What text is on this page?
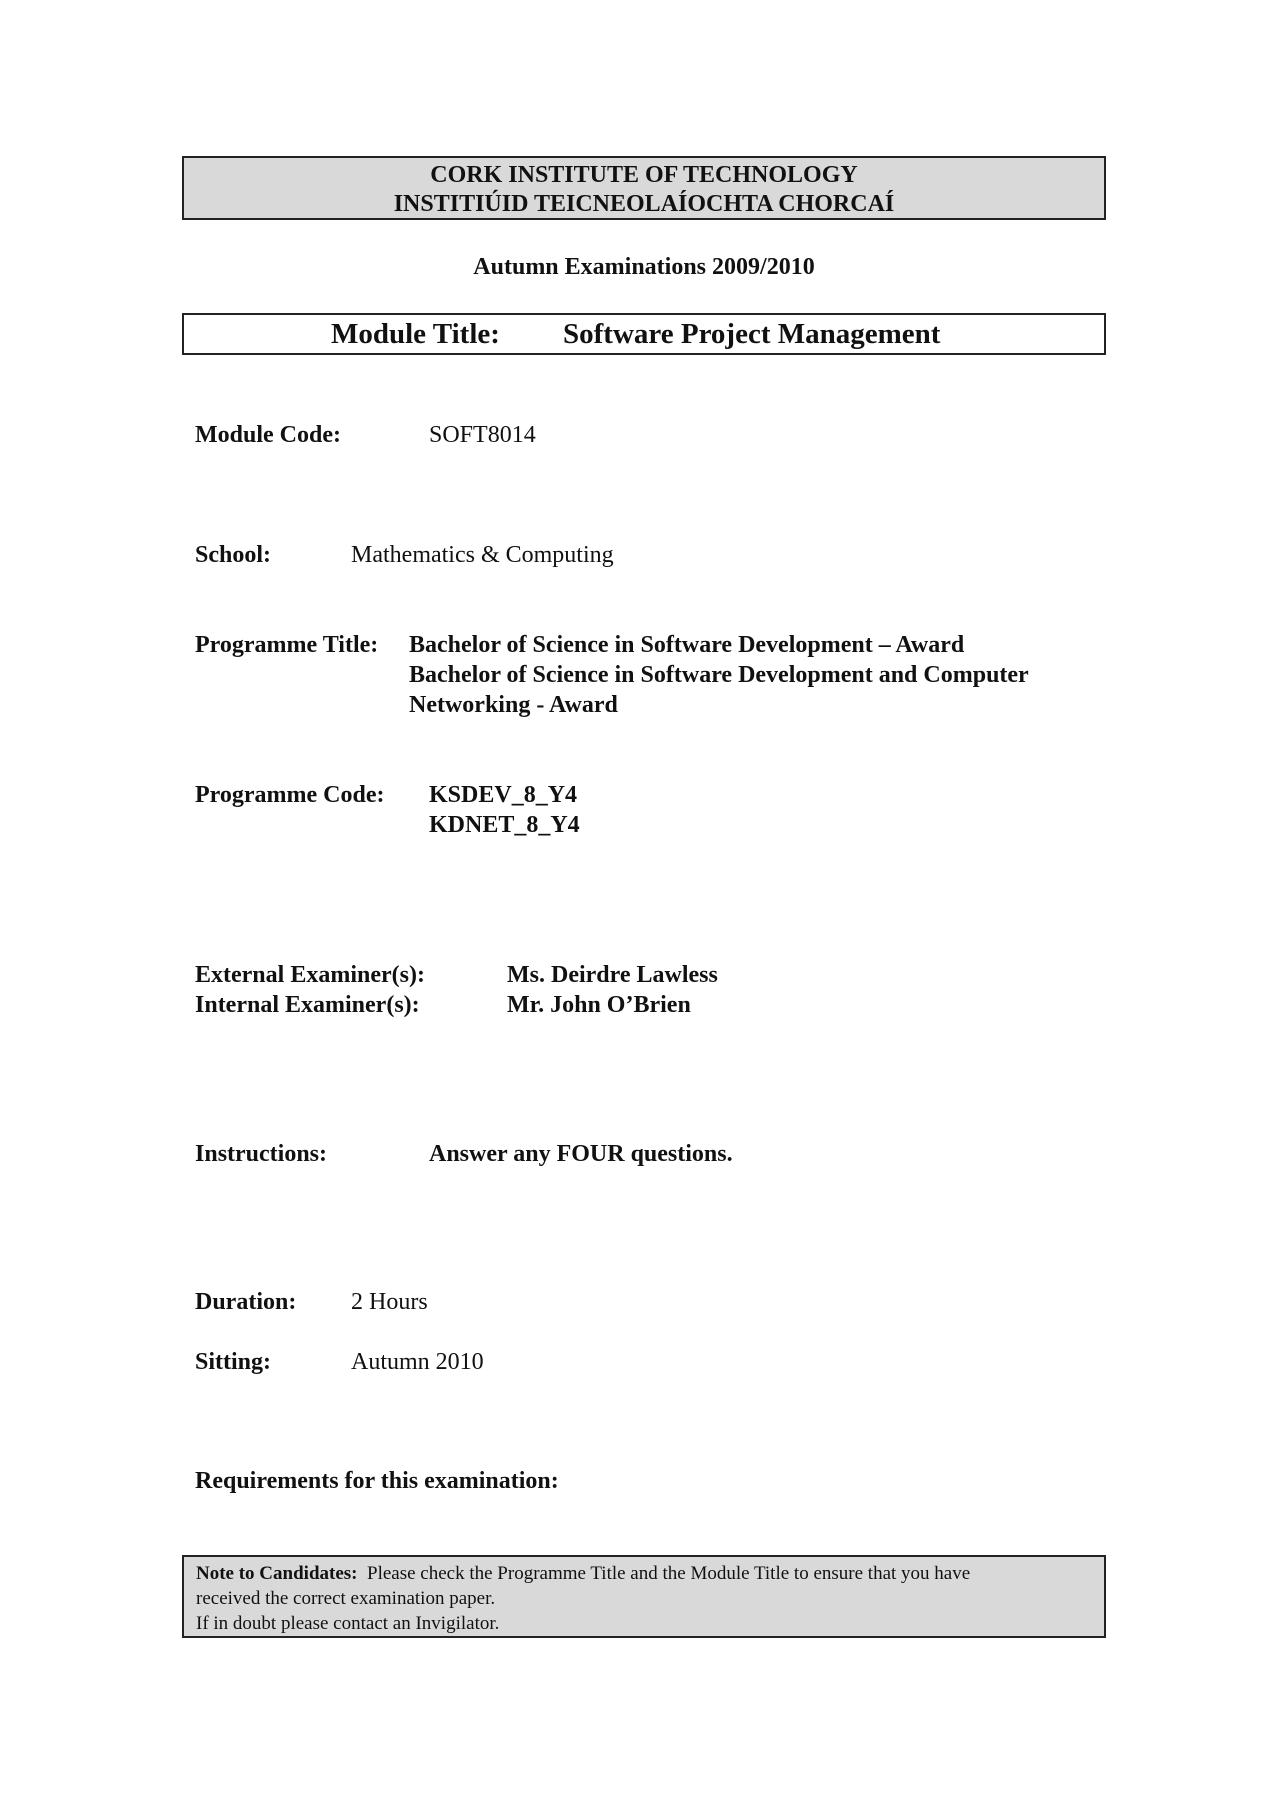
CORK INSTITUTE OF TECHNOLOGY
INSTITIÚID TEICNEOLAÍOCHTA CHORCAÍ
Autumn Examinations 2009/2010
Module Title: Software Project Management
Module Code:	SOFT8014
School:	Mathematics & Computing
Programme Title: Bachelor of Science in Software Development – Award
Bachelor of Science in Software Development and Computer
Networking - Award
Programme Code: KSDEV_8_Y4
KDNET_8_Y4
External Examiner(s):	Ms. Deirdre Lawless
Internal Examiner(s):	Mr. John O’Brien
Instructions:	Answer any FOUR questions.
Duration: 2 Hours
Sitting:	Autumn 2010
Requirements for this examination:
Note to Candidates: Please check the Programme Title and the Module Title to ensure that you have
received the correct examination paper.
If in doubt please contact an Invigilator.
